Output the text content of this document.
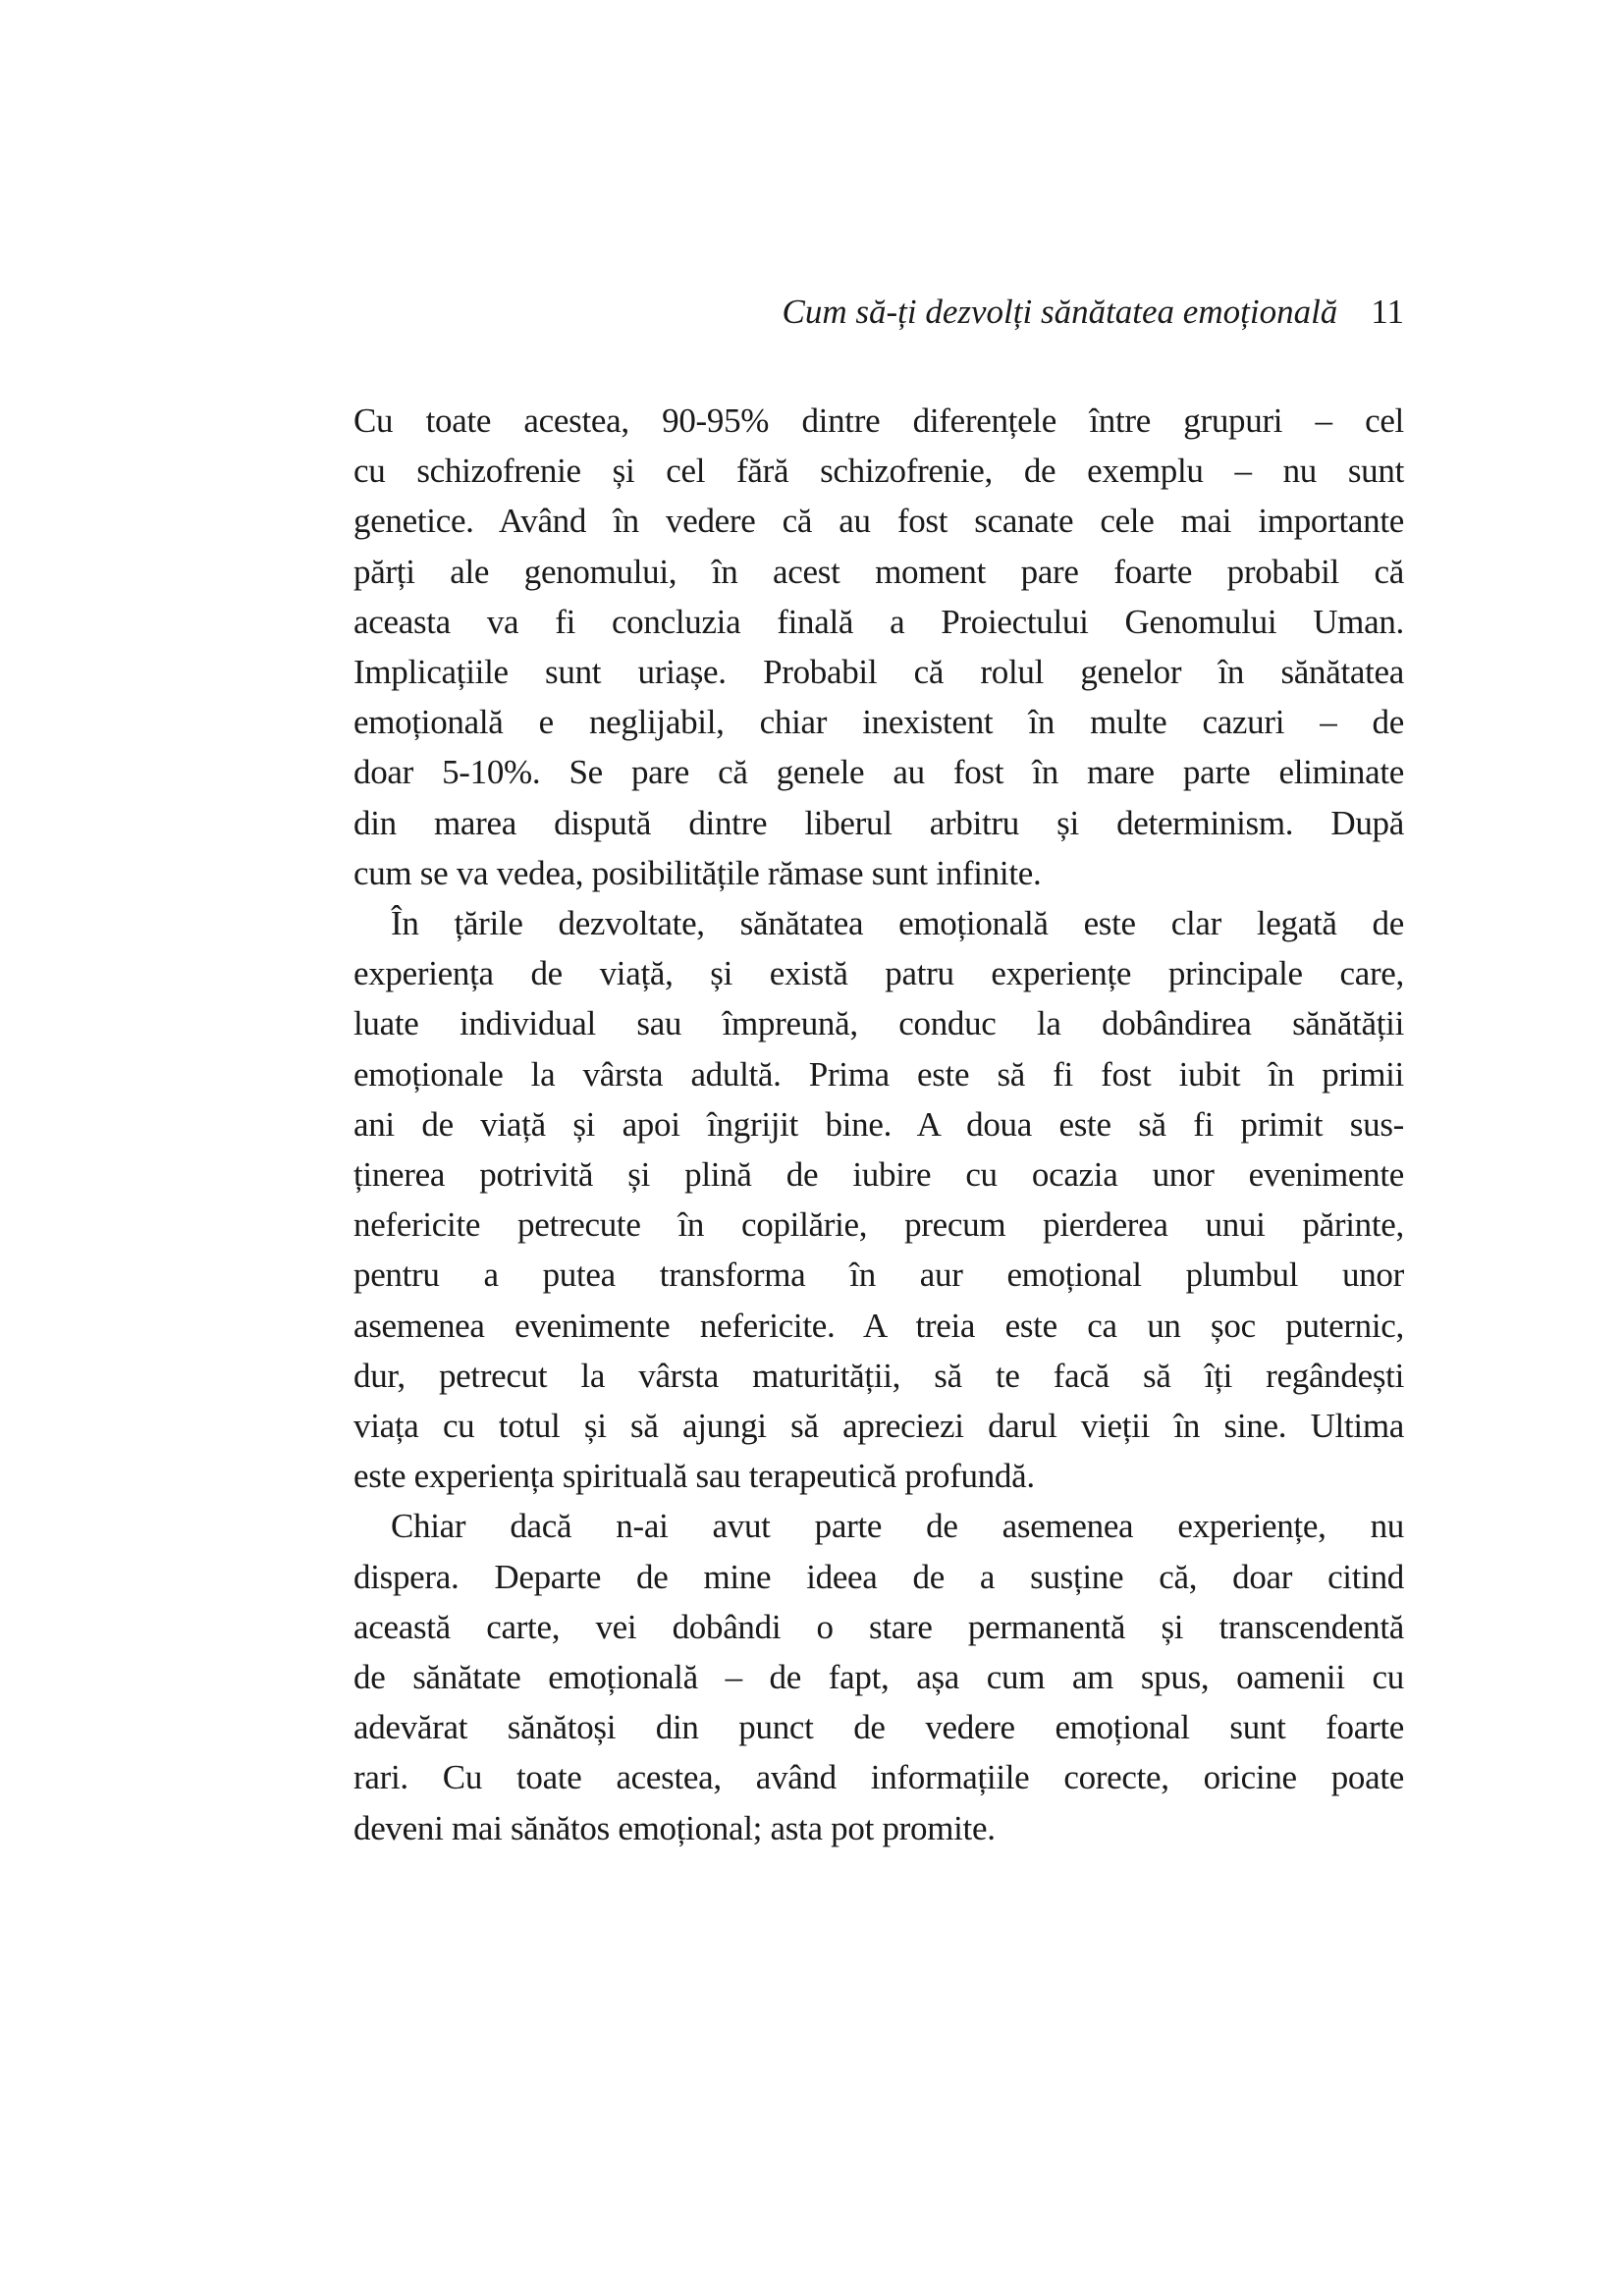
Cum să-ți dezvolți sănătatea emoțională 11
Cu toate acestea, 90-95% dintre diferențele între grupuri – cel
cu schizofrenie și cel fără schizofrenie, de exemplu – nu sunt
genetice. Având în vedere că au fost scanate cele mai importante
părți ale genomului, în acest moment pare foarte probabil că
aceasta va fi concluzia finală a Proiectului Genomului Uman.
Implicațiile sunt uriașe. Probabil că rolul genelor în sănătatea
emoțională e neglijabil, chiar inexistent în multe cazuri – de
doar 5-10%. Se pare că genele au fost în mare parte eliminate
din marea dispută dintre liberul arbitru și determinism. După
cum se va vedea, posibilitățile rămase sunt infinite.
În țările dezvoltate, sănătatea emoțională este clar legată de
experiența de viață, și există patru experiențe principale care,
luate individual sau împreună, conduc la dobândirea sănătății
emoționale la vârsta adultă. Prima este să fi fost iubit în primii
ani de viață și apoi îngrijit bine. A doua este să fi primit sus-
ținerea potrivită și plină de iubire cu ocazia unor evenimente
nefericite petrecute în copilărie, precum pierderea unui părinte,
pentru a putea transforma în aur emoțional plumbul unor
asemenea evenimente nefericite. A treia este ca un șoc puternic,
dur, petrecut la vârsta maturității, să te facă să îți regândești
viața cu totul și să ajungi să apreciezi darul vieții în sine. Ultima
este experiența spirituală sau terapeutică profundă.
Chiar dacă n-ai avut parte de asemenea experiențe, nu
dispera. Departe de mine ideea de a susține că, doar citind
această carte, vei dobândi o stare permanentă și transcendentă
de sănătate emoțională – de fapt, așa cum am spus, oamenii cu
adevărat sănătoși din punct de vedere emoțional sunt foarte
rari. Cu toate acestea, având informațiile corecte, oricine poate
deveni mai sănătos emoțional; asta pot promite.
